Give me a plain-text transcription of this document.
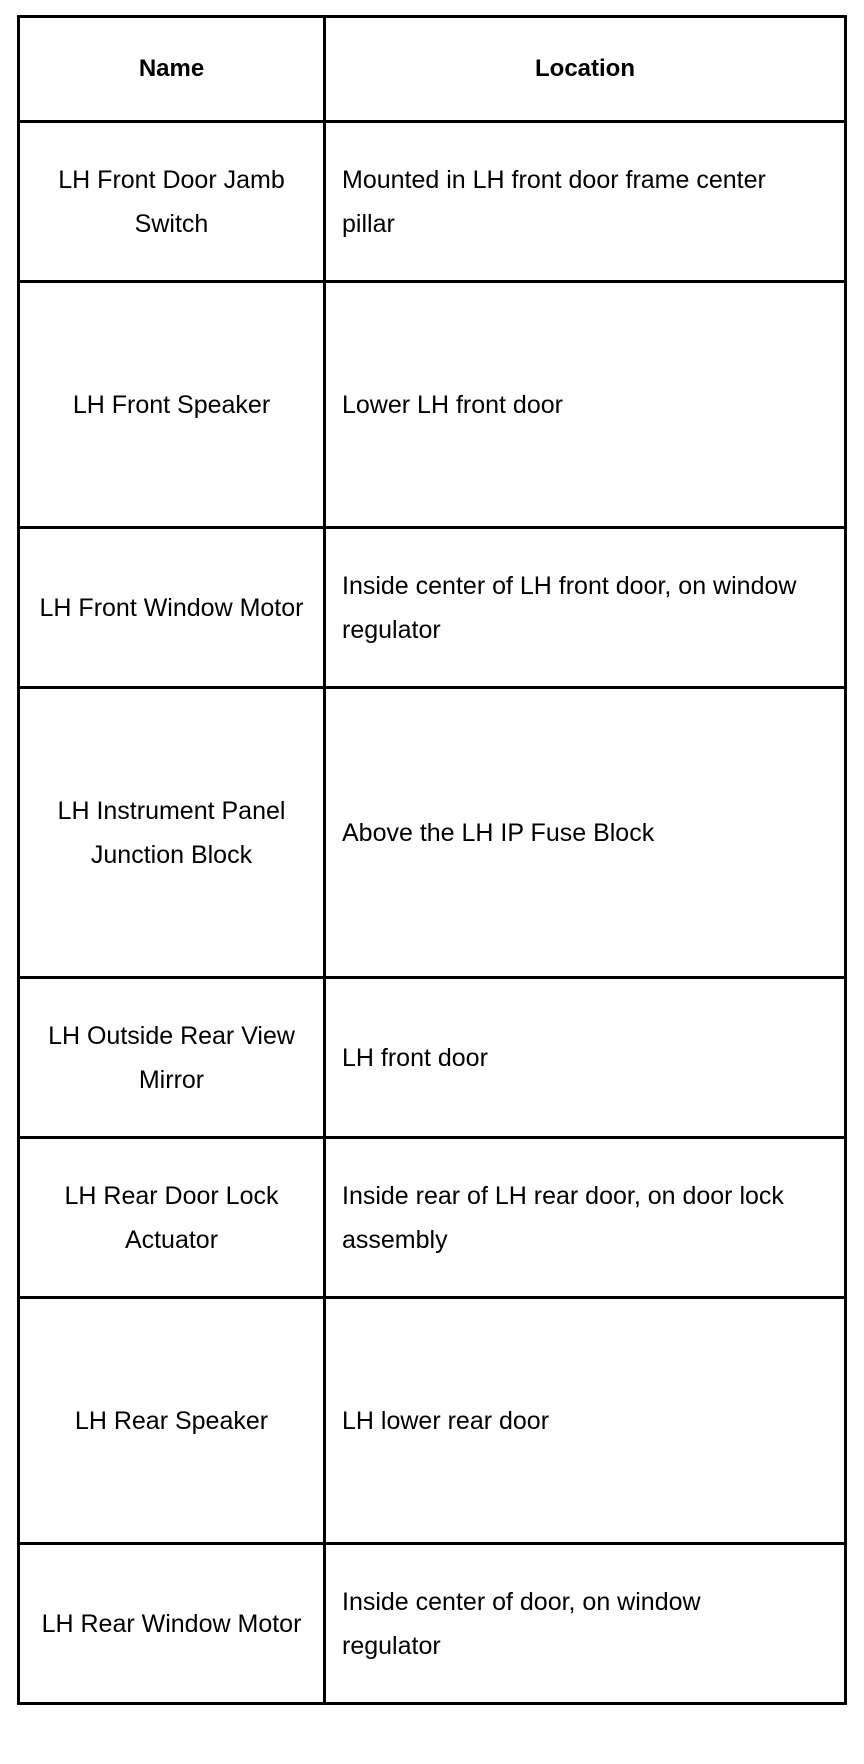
Name	Location
LH Front Door Jamb Switch	Mounted in LH front door frame center pillar
LH Front Speaker	Lower LH front door
LH Front Window Motor	Inside center of LH front door, on window regulator
LH Instrument Panel Junction Block	Above the LH IP Fuse Block
LH Outside Rear View Mirror	LH front door
LH Rear Door Lock Actuator	Inside rear of LH rear door, on door lock assembly
LH Rear Speaker	LH lower rear door
LH Rear Window Motor	Inside center of door, on window regulator
